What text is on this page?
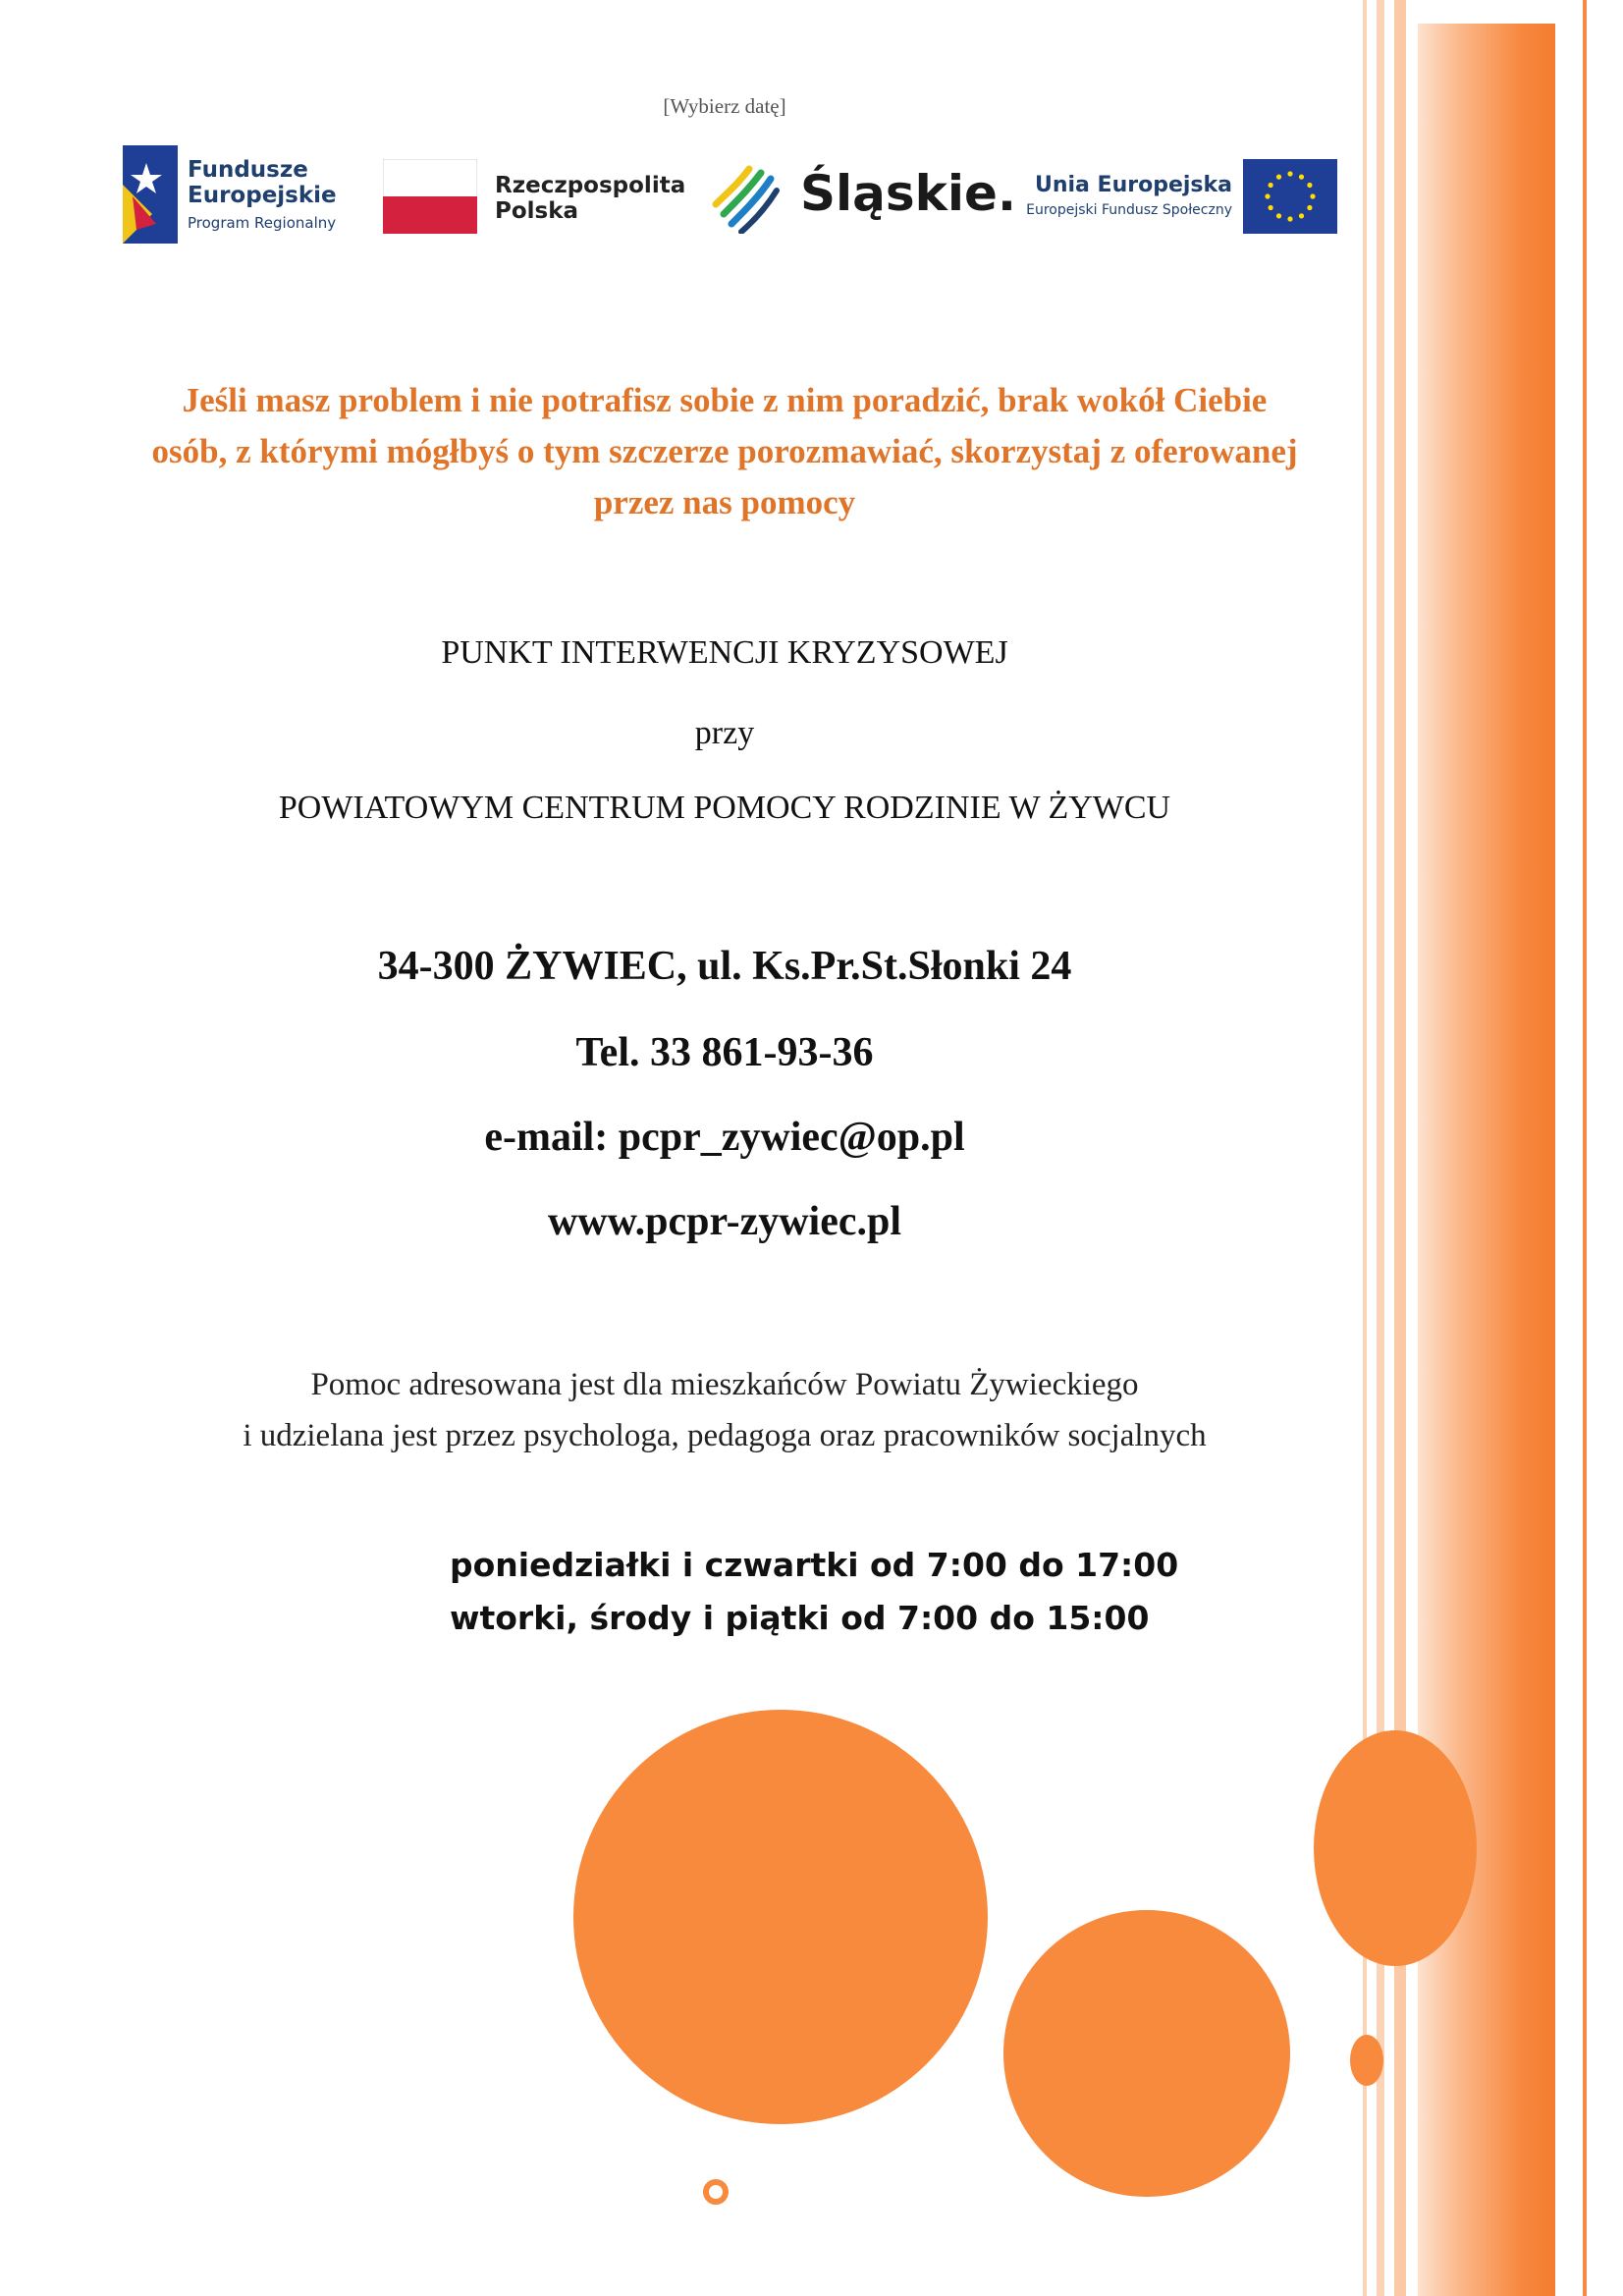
[Wybierz datę]
Fundusze
Europejskie
Program Regionalny
Rzeczpospolita
Polska	Śląskie. Unia Europejska
Europejski Fundusz Społeczny
Jeśli masz problem i nie potrafisz sobie z nim poradzić, brak wokół Ciebie
osób, z którymi mógłbyś o tym szczerze porozmawiać, skorzystaj z oferowanej
przez nas pomocy
PUNKT INTERWENCJI KRYZYSOWEJ
przy
POWIATOWYM CENTRUM POMOCY RODZINIE W ŻYWCU
34-300 ŻYWIEC, ul. Ks.Pr.St.Słonki 24
Tel. 33 861-93-36
e-mail: pcpr_zywiec@op.pl
www.pcpr-zywiec.pl
Pomoc adresowana jest dla mieszkańców Powiatu Żywieckiego
i udzielana jest przez psychologa, pedagoga oraz pracowników socjalnych
poniedziałki i czwartki od 7:00 do 17:00
wtorki, środy i piątki od 7:00 do 15:00
